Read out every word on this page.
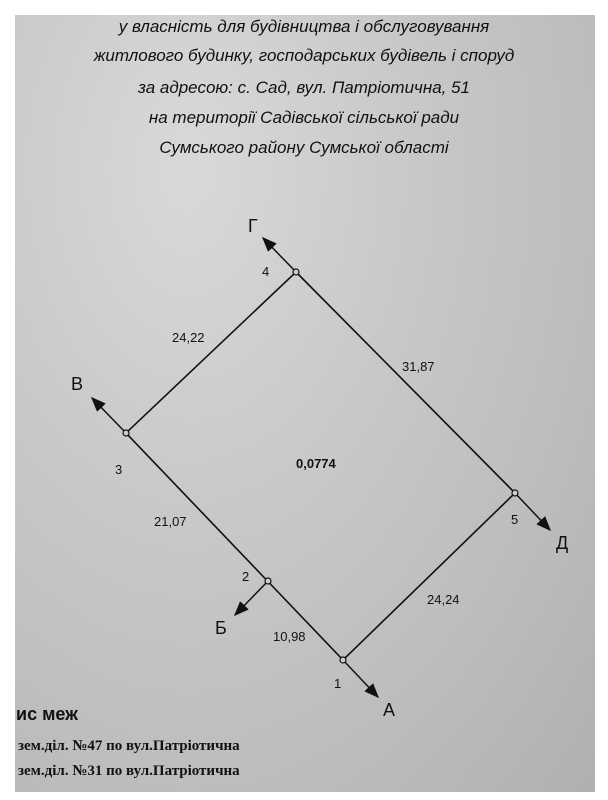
у власність для будівництва і обслуговування
житлового будинку, господарських будівель і споруд
за адресою: с. Сад, вул. Патріотична, 51
на території Садівської сільської ради
Сумського району Сумської області
4
3
2
1
5
Г
В
Б
А
Д
24,22
31,87
21,07
24,24
10,98
0,0774
ис меж
зем.діл. №47 по вул.Патріотична
зем.діл. №31 по вул.Патріотична
